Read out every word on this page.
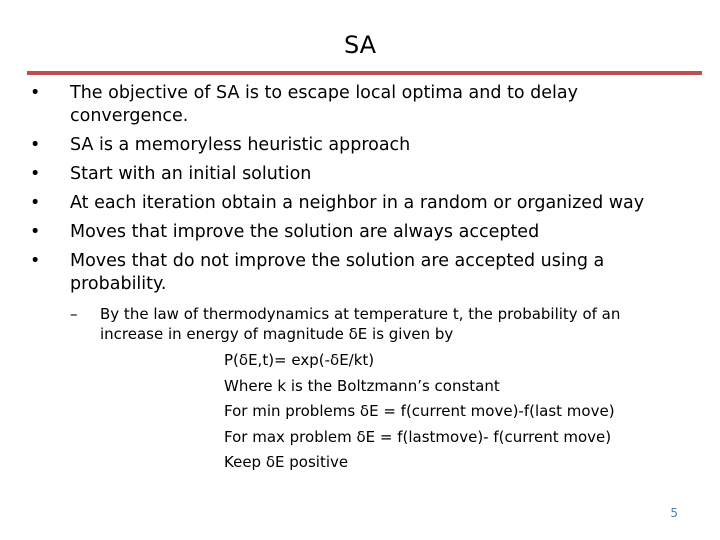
SA
• The objective of SA is to escape local optima and to delay convergence.
• SA is a memoryless heuristic approach
• Start with an initial solution
• At each iteration obtain a neighbor in a random or organized way
• Moves that improve the solution are always accepted
• Moves that do not improve the solution are accepted using a probability.
–	By the law of thermodynamics at temperature t, the probability of an increase in energy of magnitude δE is given by
P(δE,t)= exp(-δE/kt)
Where k is the Boltzmann’s constant
For min problems δE = f(current move)-f(last move)
For max problem δE = f(lastmove)- f(current move)
Keep δE positive
5
